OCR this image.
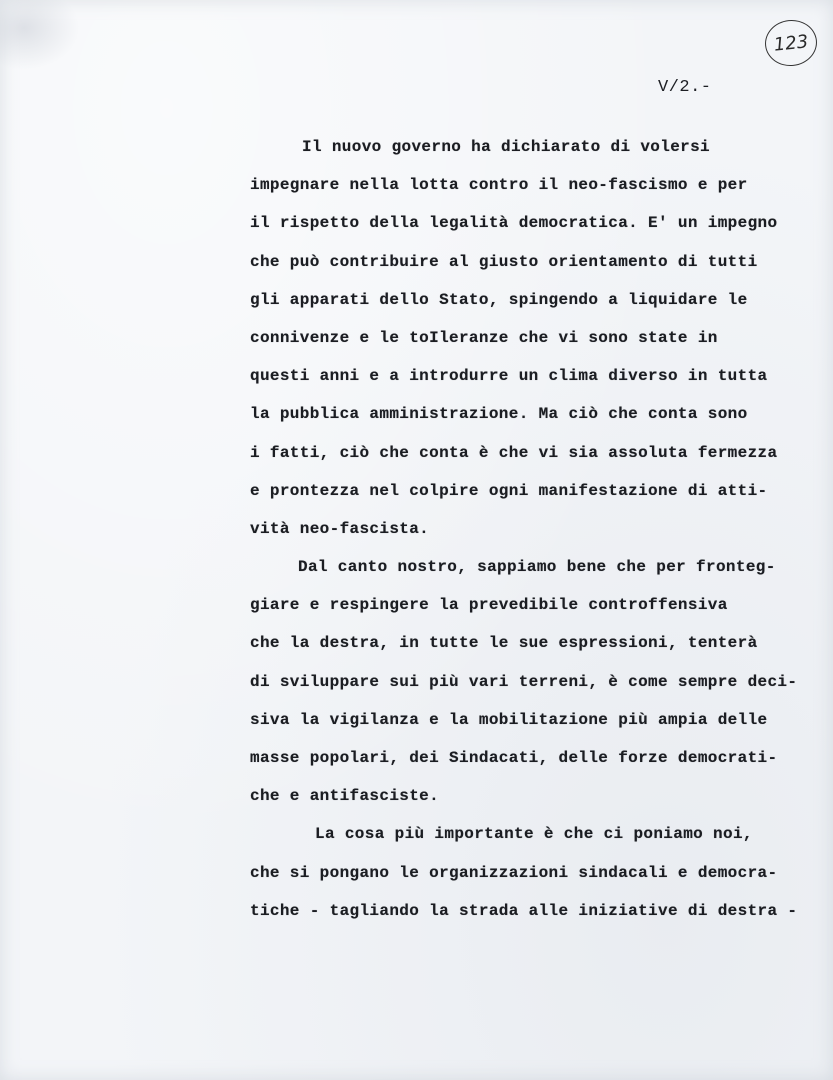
123
V/2.-
Il nuovo governo ha dichiarato di volersi
impegnare nella lotta contro il neo-fascismo e per
il rispetto della legalità democratica. E' un impegno
che può contribuire al giusto orientamento di tutti
gli apparati dello Stato, spingendo a liquidare le
connivenze e le toIleranze che vi sono state in
questi anni e a introdurre un clima diverso in tutta
la pubblica amministrazione. Ma ciò che conta sono
i fatti, ciò che conta è che vi sia assoluta fermezza
e prontezza nel colpire ogni manifestazione di atti-
vità neo-fascista.
Dal canto nostro, sappiamo bene che per fronteg-
giare e respingere la prevedibile controffensiva
che la destra, in tutte le sue espressioni, tenterà
di sviluppare sui più vari terreni, è come sempre deci-
siva la vigilanza e la mobilitazione più ampia delle
masse popolari, dei Sindacati, delle forze democrati-
che e antifasciste.
La cosa più importante è che ci poniamo noi,
che si pongano le organizzazioni sindacali e democra-
tiche - tagliando la strada alle iniziative di destra -
